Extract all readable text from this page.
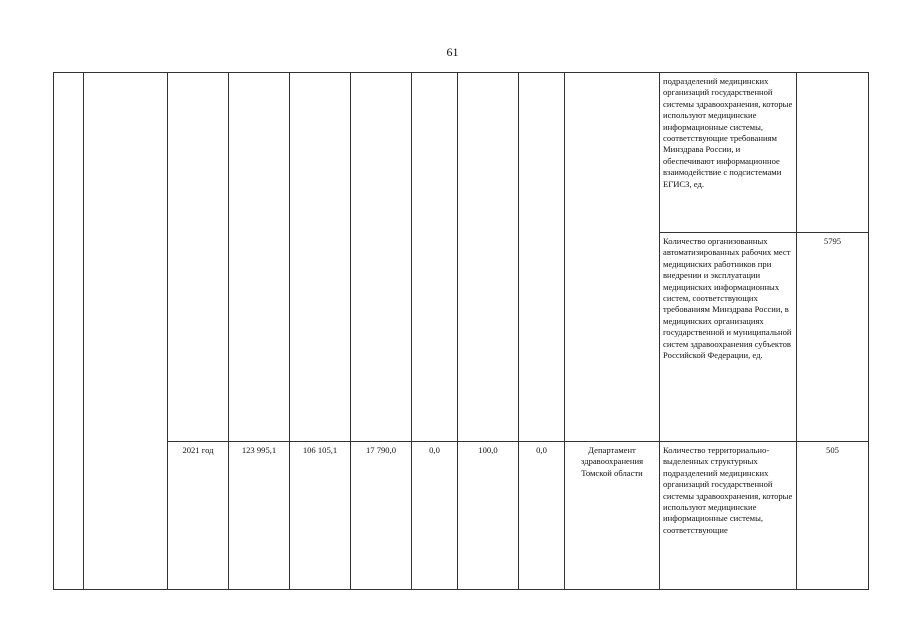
61
										подразделений медицинских организаций государственной системы здравоохранения, которые используют медицинские информационные системы, соответствующие требованиям Минздрава России, и обеспечивают информационное взаимодействие с подсистемами ЕГИСЗ, ед.	
										Количество организованных автоматизированных рабочих мест медицинских работников при внедрении и эксплуатации медицинских информационных систем, соответствующих требованиям Минздрава России, в медицинских организациях государственной и муниципальной систем здравоохранения субъектов Российской Федерации, ед.	5795
		2021 год	123 995,1	106 105,1	17 790,0	0,0	100,0	0,0	Департамент здравоохранения Томской области	Количество территориально-выделенных структурных подразделений медицинских организаций государственной системы здравоохранения, которые используют медицинские информационные системы, соответствующие	505
